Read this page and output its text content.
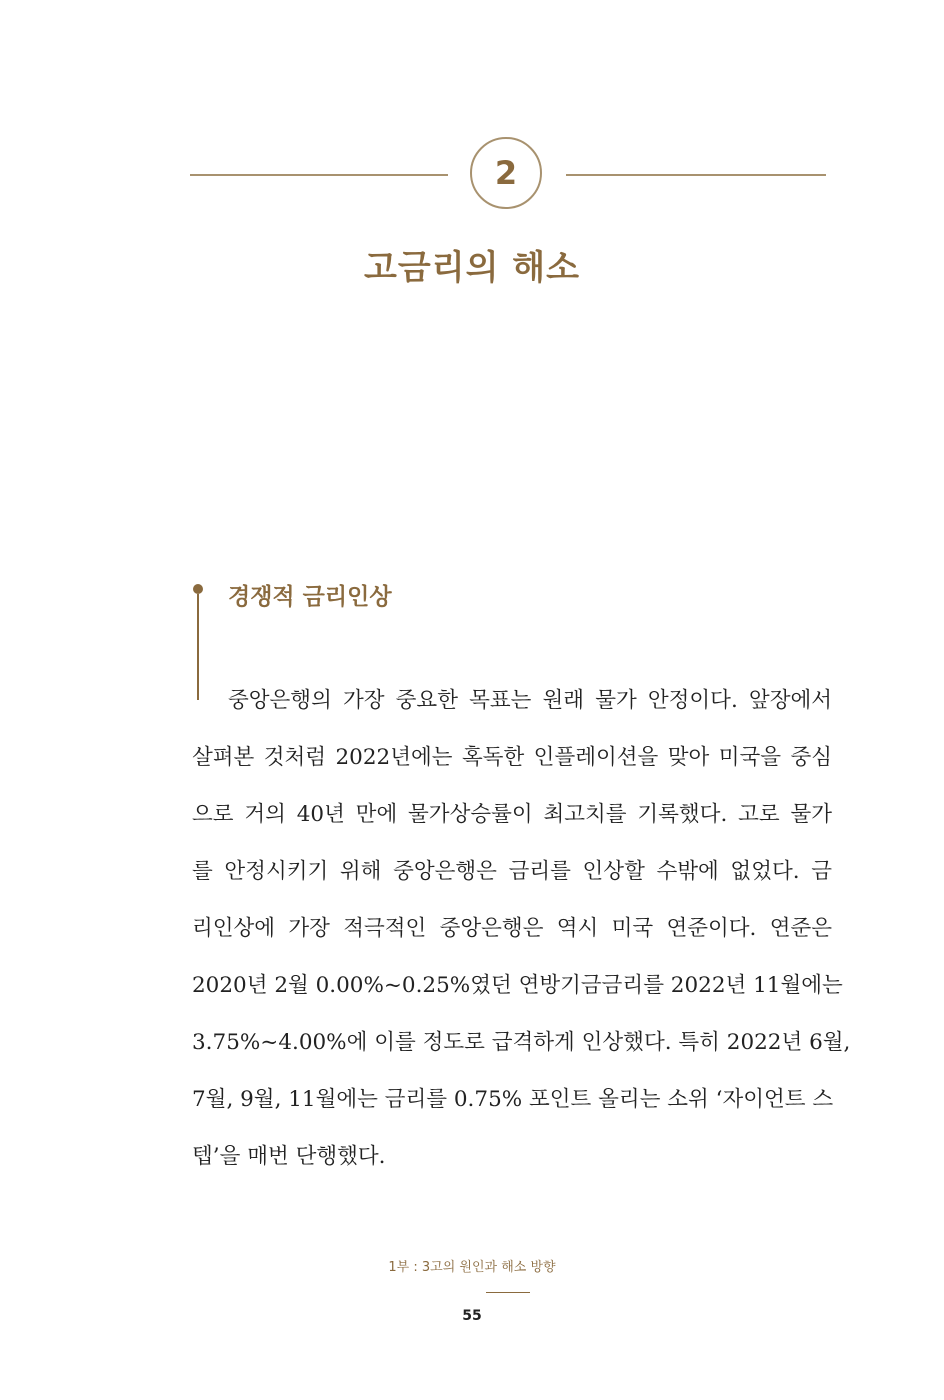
2
고금리의 해소
경쟁적 금리인상

중앙은행의 가장 중요한 목표는 원래 물가 안정이다. 앞장에서
살펴본 것처럼 2022년에는 혹독한 인플레이션을 맞아 미국을 중심
으로 거의 40년 만에 물가상승률이 최고치를 기록했다. 고로 물가
를 안정시키기 위해 중앙은행은 금리를 인상할 수밖에 없었다. 금
리인상에 가장 적극적인 중앙은행은 역시 미국 연준이다. 연준은
2020년 2월 0.00%~0.25%였던 연방기금금리를 2022년 11월에는
3.75%~4.00%에 이를 정도로 급격하게 인상했다. 특히 2022년 6월,
7월, 9월, 11월에는 금리를 0.75% 포인트 올리는 소위 ‘자이언트 스
텝’을 매번 단행했다.

1부 : 3고의 원인과 해소 방향
55
